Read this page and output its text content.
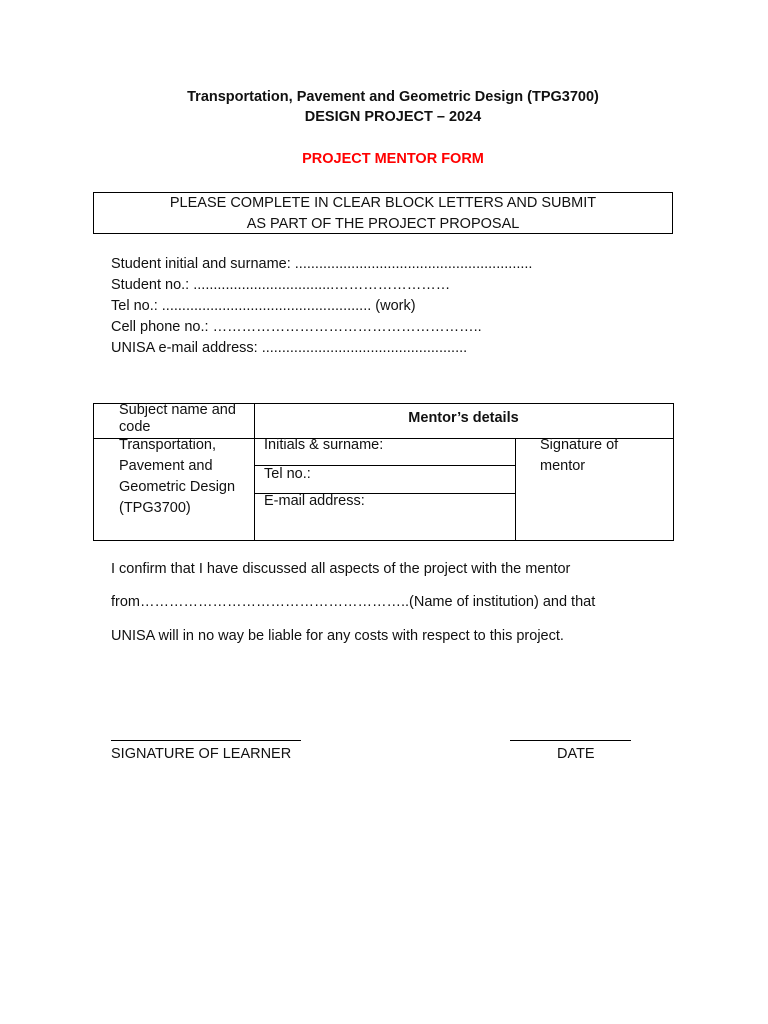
Transportation, Pavement and Geometric Design (TPG3700)
DESIGN PROJECT – 2024
PROJECT MENTOR FORM
PLEASE COMPLETE IN CLEAR BLOCK LETTERS AND SUBMIT
AS PART OF THE PROJECT PROPOSAL
Student initial and surname: ...........................................................
Student no.: ...................................……………………
Tel no.: .................................................... (work)
Cell phone no.: ………………………………………………..
UNISA e-mail address: ...................................................
Subject name and code
Mentor’s details
Transportation,
Pavement and
Geometric Design
(TPG3700)
Initials & surname:
Tel no.:
E-mail address:
Signature of
mentor
I confirm that I have discussed all aspects of the project with the mentor
from………………………………………………..(Name of institution) and that
UNISA will in no way be liable for any costs with respect to this project.
SIGNATURE OF LEARNER	DATE
